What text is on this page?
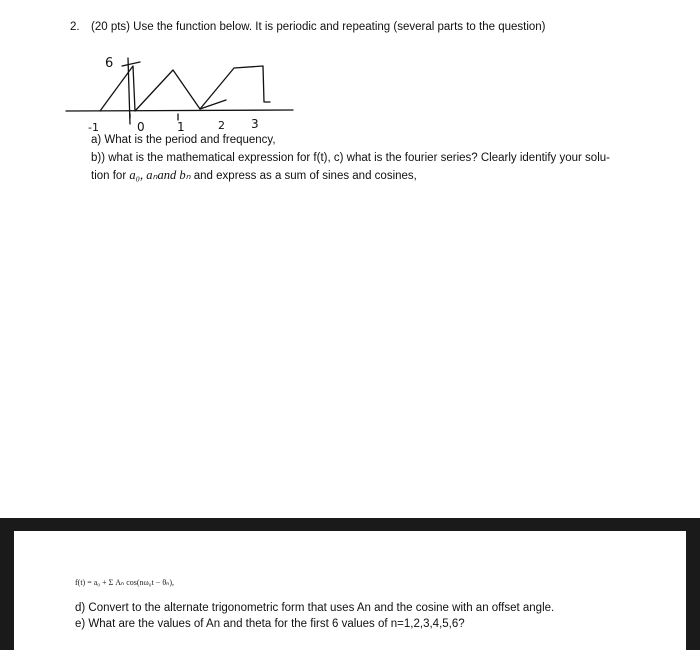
2. (20 pts) Use the function below. It is periodic and repeating (several parts to the question)
6
-1	0	1	2 3
a) What is the period and frequency,
b)) what is the mathematical expression for f(t), c) what is the fourier series? Clearly identify your solu-
tion for a₀, aₙand bₙ and express as a sum of sines and cosines,
f(t) = a₀ + Σ Aₙ cos(nω₀t − θₙ),
d) Convert to the alternate trigonometric form that uses An and the cosine with an offset angle.
e) What are the values of An and theta for the first 6 values of n=1,2,3,4,5,6?
